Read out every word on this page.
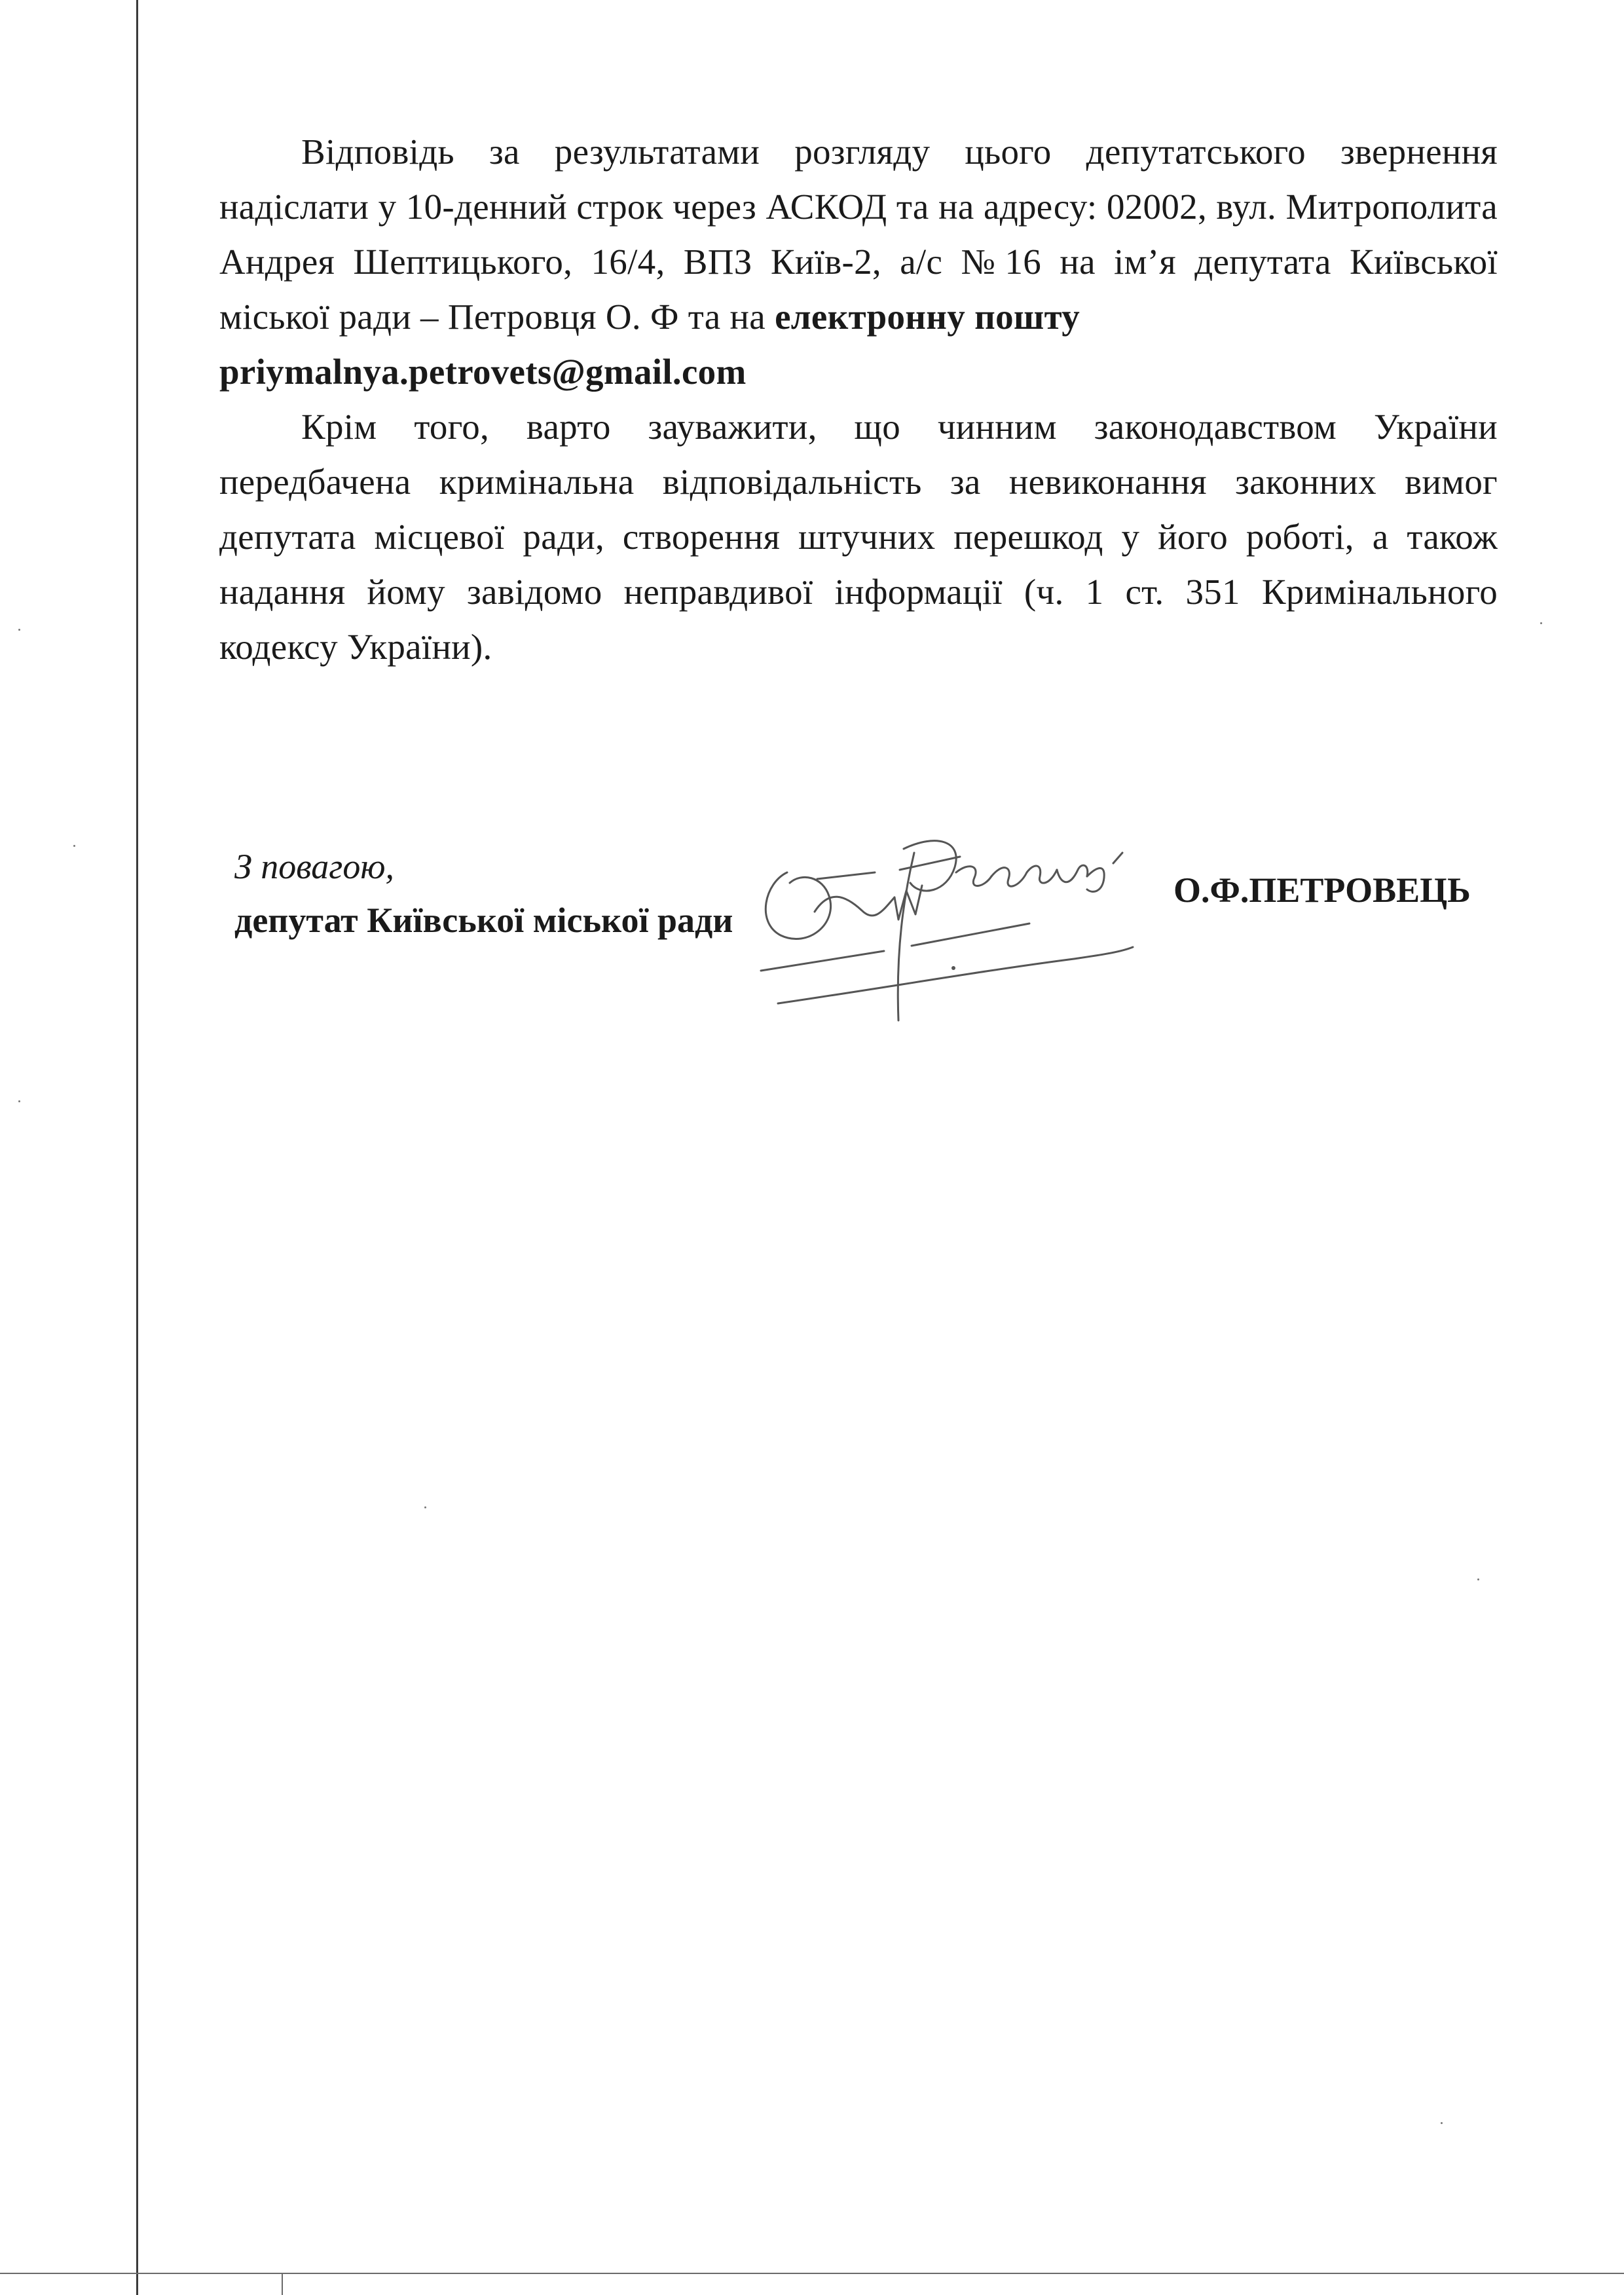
Відповідь за результатами розгляду цього депутатського звернення надіслати у 10-денний строк через АСКОД та на адресу: 02002, вул. Митрополита Андрея Шептицького, 16/4, ВПЗ Київ-2, а/с №16 на ім’я депутата Київської міської ради – Петровця О. Ф та на електронну пошту
priymalnya.petrovets@gmail.com

Крім того, варто зауважити, що чинним законодавством України передбачена кримінальна відповідальність за невиконання законних вимог депутата місцевої ради, створення штучних перешкод у його роботі, а також надання йому завідомо неправдивої інформації (ч. 1 ст. 351 Кримінального кодексу України).

З повагою,
депутат Київської міської ради
О.Ф.ПЕТРОВЕЦЬ
